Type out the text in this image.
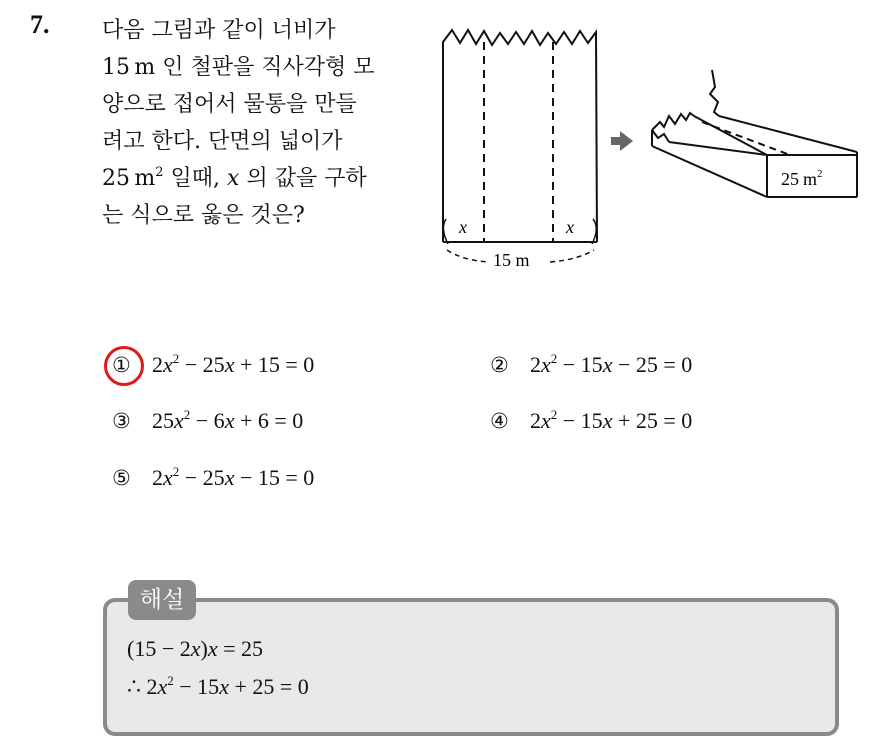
7. 다음 그림과 같이 너비가
15  m 인 철판을 직사각형 모
양으로 접어서 물통을 만들
려고 한다. 단면의 넓이가
25  $m^2$ 일때, x 의 값을 구하
는 식으로 옳은 것은?	x	x
15 m
25 $m^2$
① $2x^2 - 25x + 15 = 0$	② $2x^2 - 15x - 25 = 0$
③ $25x^2 - 6x + 6 = 0$	④ $2x^2 - 15x + 25 = 0$
⑤ $2x^2 - 25x - 15 = 0$
해설
(15 − 2x)x = 25
∴ $2x^2 - 15x + 25 = 0$
